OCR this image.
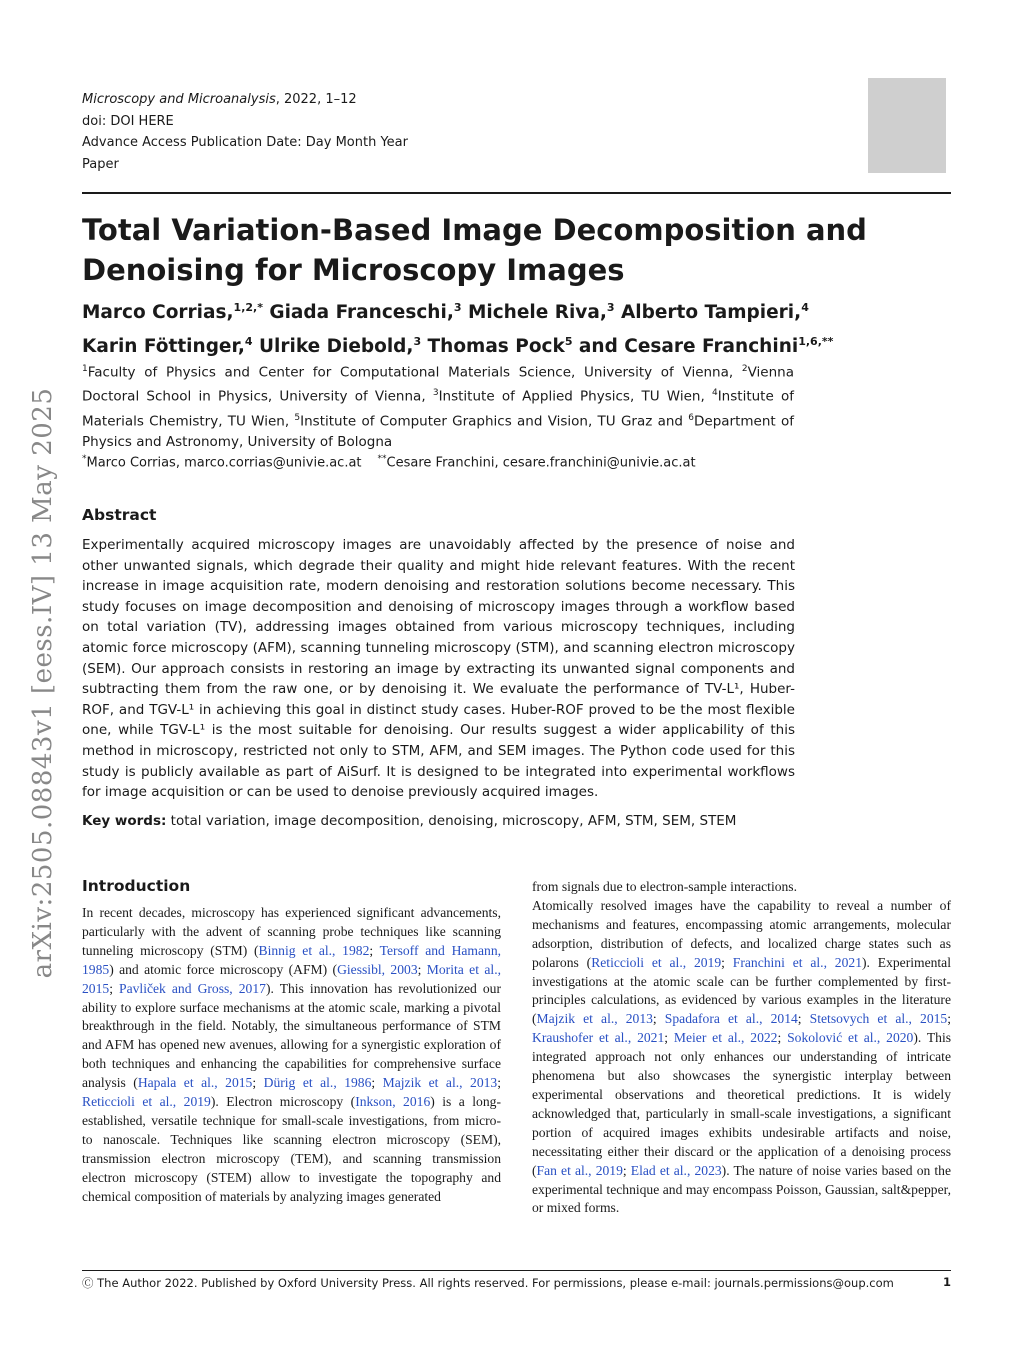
Microscopy and Microanalysis, 2022, 1–12
doi: DOI HERE
Advance Access Publication Date: Day Month Year
Paper
Total Variation-Based Image Decomposition and Denoising for Microscopy Images
Marco Corrias,$^{1,2,*}$ Giada Franceschi,$^3$ Michele Riva,$^3$ Alberto Tampieri,$^4$
Karin Föttinger,$^4$ Ulrike Diebold,$^3$ Thomas Pock$^5$ and Cesare Franchini$^{1,6,**}$
$^1$Faculty of Physics and Center for Computational Materials Science, University of Vienna, $^2$Vienna Doctoral School in Physics, University of Vienna, $^3$Institute of Applied Physics, TU Wien, $^4$Institute of Materials Chemistry, TU Wien, $^5$Institute of Computer Graphics and Vision, TU Graz and $^6$Department of Physics and Astronomy, University of Bologna
*Marco Corrias, marco.corrias@univie.ac.at **Cesare Franchini, cesare.franchini@univie.ac.at
Abstract
Experimentally acquired microscopy images are unavoidably affected by the presence of noise and other unwanted signals, which degrade their quality and might hide relevant features. With the recent increase in image acquisition rate, modern denoising and restoration solutions become necessary. This study focuses on image decomposition and denoising of microscopy images through a workflow based on total variation (TV), addressing images obtained from various microscopy techniques, including atomic force microscopy (AFM), scanning tunneling microscopy (STM), and scanning electron microscopy (SEM). Our approach consists in restoring an image by extracting its unwanted signal components and subtracting them from the raw one, or by denoising it. We evaluate the performance of TV-L¹, Huber-ROF, and TGV-L¹ in achieving this goal in distinct study cases. Huber-ROF proved to be the most flexible one, while TGV-L¹ is the most suitable for denoising. Our results suggest a wider applicability of this method in microscopy, restricted not only to STM, AFM, and SEM images. The Python code used for this study is publicly available as part of AiSurf. It is designed to be integrated into experimental workflows for image acquisition or can be used to denoise previously acquired images.
Key words: total variation, image decomposition, denoising, microscopy, AFM, STM, SEM, STEM
arXiv:2505.08843v1 [eess.IV] 13 May 2025 Introduction
In recent decades, microscopy has experienced significant advancements, particularly with the advent of scanning probe techniques like scanning tunneling microscopy (STM) (Binnig et al., 1982; Tersoff and Hamann, 1985) and atomic force microscopy (AFM) (Giessibl, 2003; Morita et al., 2015; Pavliček and Gross, 2017). This innovation has revolutionized our ability to explore surface mechanisms at the atomic scale, marking a pivotal breakthrough in the field. Notably, the simultaneous performance of STM and AFM has opened new avenues, allowing for a synergistic exploration of both techniques and enhancing the capabilities for comprehensive surface analysis (Hapala et al., 2015; Dürig et al., 1986; Majzik et al., 2013; Reticcioli et al., 2019). Electron microscopy (Inkson, 2016) is a long-established, versatile technique for small-scale investigations, from micro- to nanoscale. Techniques like scanning electron microscopy (SEM), transmission electron microscopy (TEM), and scanning transmission electron microscopy (STEM) allow to investigate the topography and chemical composition of materials by analyzing images generated
from signals due to electron-sample interactions.
Atomically resolved images have the capability to reveal a number of mechanisms and features, encompassing atomic arrangements, molecular adsorption, distribution of defects, and localized charge states such as polarons (Reticcioli et al., 2019; Franchini et al., 2021). Experimental investigations at the atomic scale can be further complemented by first-principles calculations, as evidenced by various examples in the literature (Majzik et al., 2013; Spadafora et al., 2014; Stetsovych et al., 2015; Kraushofer et al., 2021; Meier et al., 2022; Sokolović et al., 2020). This integrated approach not only enhances our understanding of intricate phenomena but also showcases the synergistic interplay between experimental observations and theoretical predictions. It is widely acknowledged that, particularly in small-scale investigations, a significant portion of acquired images exhibits undesirable artifacts and noise, necessitating either their discard or the application of a denoising process (Fan et al., 2019; Elad et al., 2023). The nature of noise varies based on the experimental technique and may encompass Poisson, Gaussian, salt&pepper, or mixed forms.
Ⓒ The Author 2022. Published by Oxford University Press. All rights reserved. For permissions, please e-mail: journals.permissions@oup.com	1
